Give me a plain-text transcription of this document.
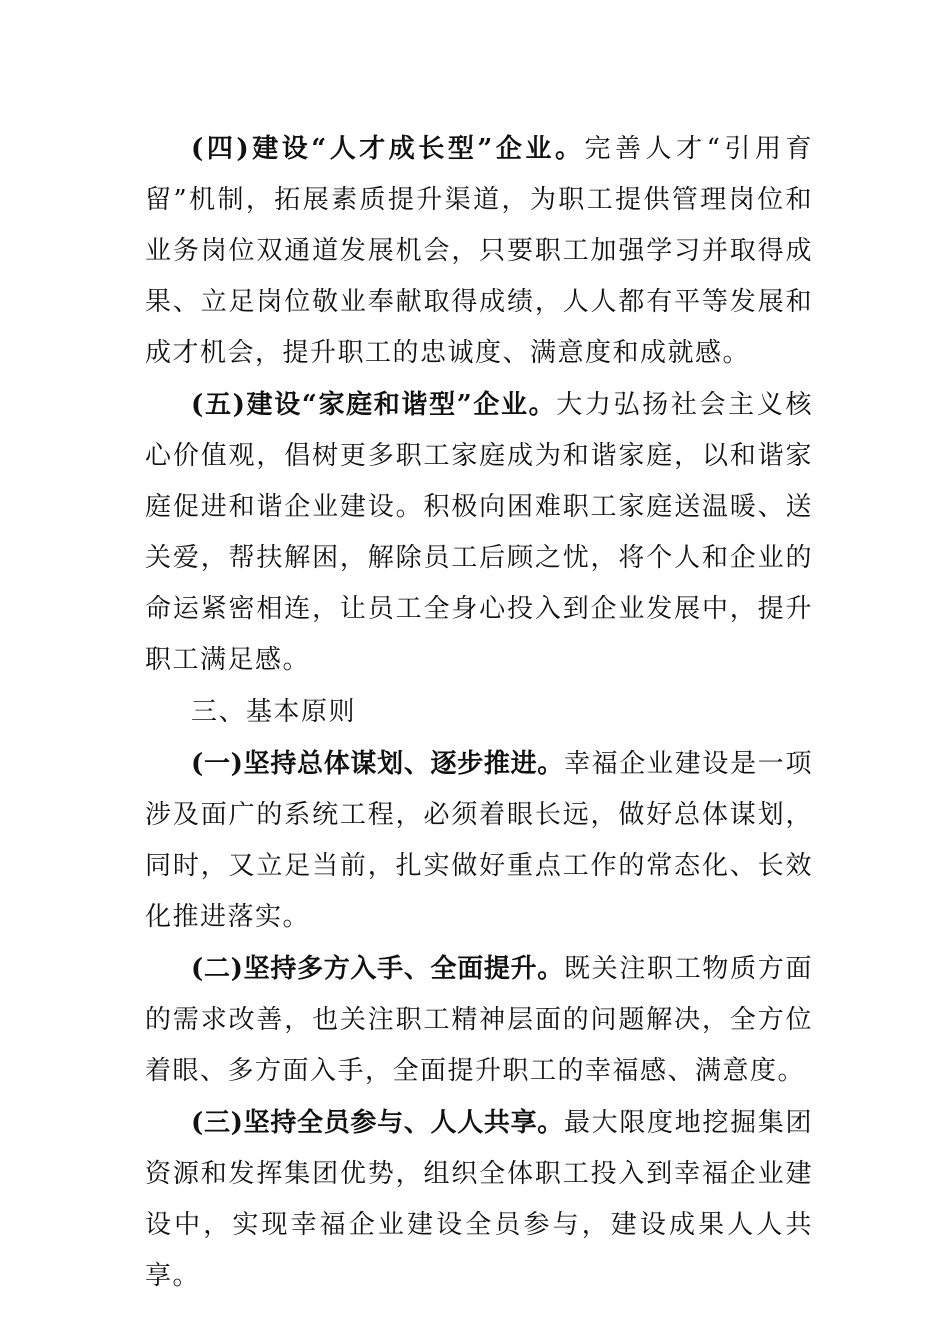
(四)建设“人才成长型”企业。完善人才“引用育留”机制，拓展素质提升渠道，为职工提供管理岗位和业务岗位双通道发展机会，只要职工加强学习并取得成果、立足岗位敬业奉献取得成绩，人人都有平等发展和成才机会，提升职工的忠诚度、满意度和成就感。

(五)建设“家庭和谐型”企业。大力弘扬社会主义核心价值观，倡树更多职工家庭成为和谐家庭，以和谐家庭促进和谐企业建设。积极向困难职工家庭送温暖、送关爱，帮扶解困，解除员工后顾之忧，将个人和企业的命运紧密相连，让员工全身心投入到企业发展中，提升职工满足感。

三、基本原则

(一)坚持总体谋划、逐步推进。幸福企业建设是一项涉及面广的系统工程，必须着眼长远，做好总体谋划，同时，又立足当前，扎实做好重点工作的常态化、长效化推进落实。

(二)坚持多方入手、全面提升。既关注职工物质方面的需求改善，也关注职工精神层面的问题解决，全方位着眼、多方面入手，全面提升职工的幸福感、满意度。

(三)坚持全员参与、人人共享。最大限度地挖掘集团资源和发挥集团优势，组织全体职工投入到幸福企业建设中，实现幸福企业建设全员参与，建设成果人人共享。
